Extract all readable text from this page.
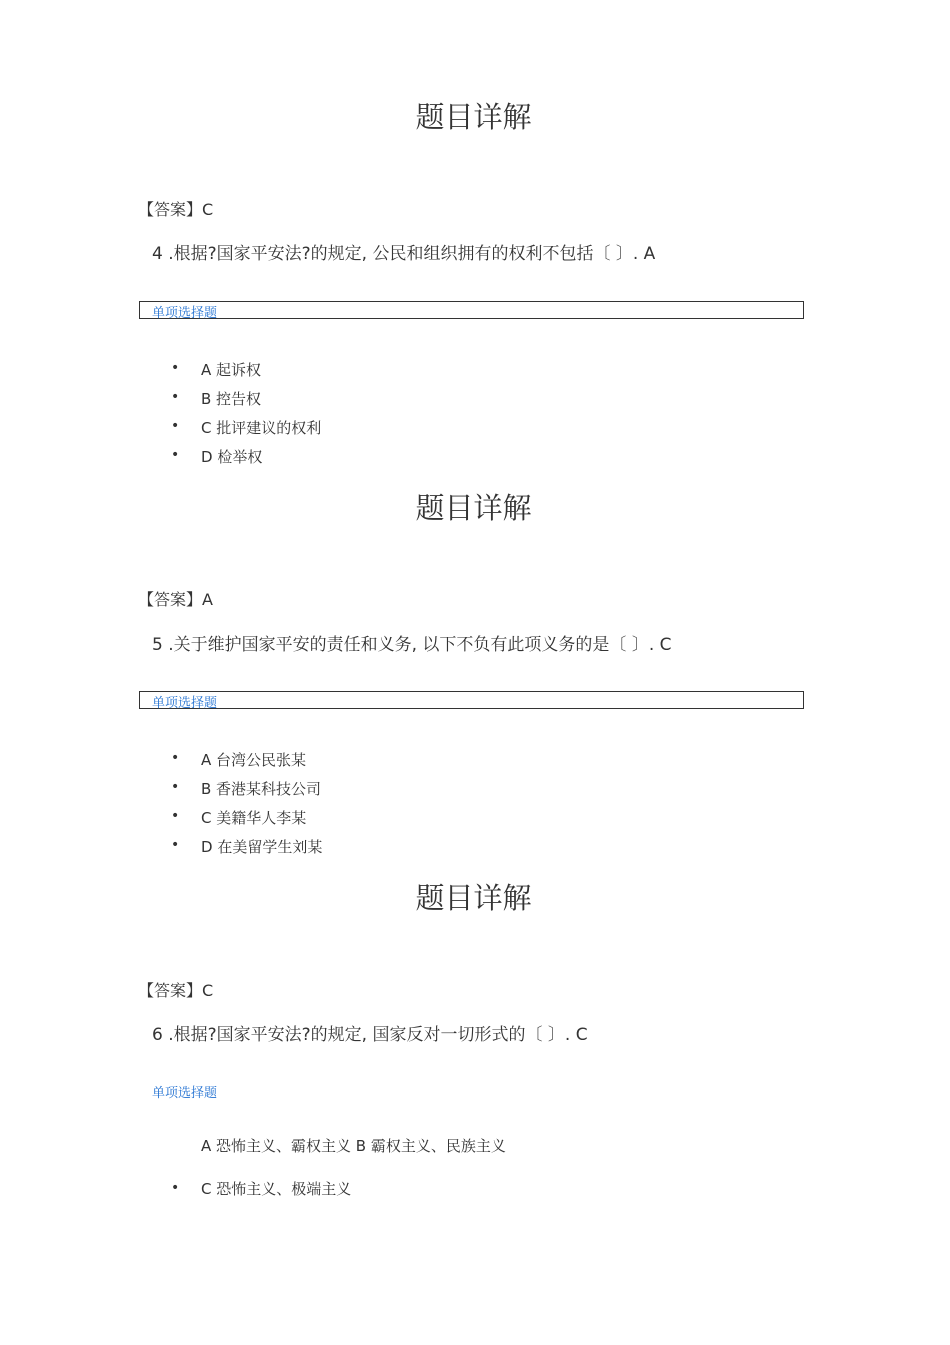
题目详解
【答案】C
4 .根据?国家平安法?的规定, 公民和组织拥有的权利不包括〔 〕. A
单项选择题
• A 起诉权
• B 控告权
• C 批评建议的权利
• D 检举权
题目详解
【答案】A
5 .关于维护国家平安的责任和义务, 以下不负有此项义务的是〔 〕. C
单项选择题
• A 台湾公民张某
• B 香港某科技公司
• C 美籍华人李某
• D 在美留学生刘某
题目详解
【答案】C
6 .根据?国家平安法?的规定, 国家反对一切形式的〔 〕. C
单项选择题
A 恐怖主义、霸权主义 B 霸权主义、民族主义
• C 恐怖主义、极端主义
